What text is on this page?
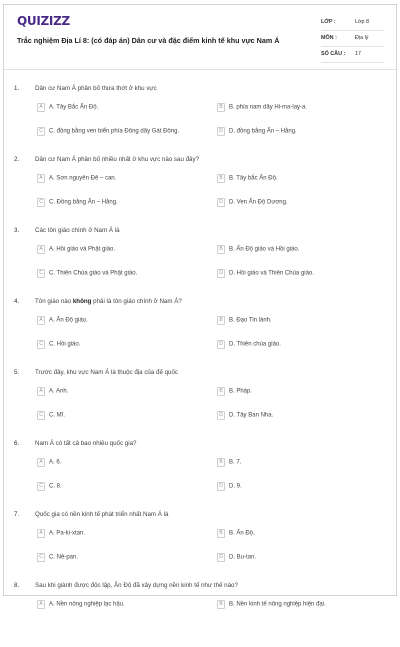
QUIZIZZ
Trắc nghiệm Địa Lí 8: (có đáp án) Dân cư và đặc điểm kinh tế khu vực Nam Á
LỚP :	Lớp 8
MÔN :	Địa lý
SỐ CÂU : 17
1.	Dân cư Nam Á phân bố thưa thớt ở khu vực
A A. Tây Bắc Ấn Độ.	B B. phía nam dãy Hi-ma-lay-a.
C C. đồng bằng ven biển phía Đông dãy Gát Đông.	D D. đồng bằng Ấn – Hằng.
2.	Dân cư Nam Á phân bố nhiều nhất ở khu vực nào sau đây?
A A. Sơn nguyên Đê – can.	B B. Tây bắc Ấn Độ.
C C. Đồng bằng Ấn – Hằng.	D D. Ven Ấn Độ Dương.
3.	Các tôn giáo chính ở Nam Á là
A A. Hồi giáo và Phật giáo.	B B. Ấn Độ giáo và Hồi giáo.
C C. Thiên Chúa giáo và Phật giáo.	D D. Hồi giáo và Thiên Chúa giáo.
4.	Tôn giáo nào không phải là tôn giáo chính ở Nam Á?
A A. Ấn Độ giáo.	B B. Đạo Tin lành.
C C. Hồi giáo.	D D. Thiên chúa giáo.
5.	Trước đây, khu vực Nam Á là thuộc địa của đế quốc
A A. Anh.	B B. Pháp.
C C. Mĩ.	D D. Tây Ban Nha.
6.	Nam Á có tất cả bao nhiêu quốc gia?
A A. 6.	B B. 7.
C C. 8.	D D. 9.
7.	Quốc gia có nền kinh tế phát triển nhất Nam Á là
A A. Pa-ki-xtan.	B B. Ấn Độ.
C C. Nê-pan.	D D. Bu-tan.
8.	Sau khi giành được độc lập, Ấn Độ đã xây dựng nền kinh tế như thế nào?
A A. Nền nông nghiệp lạc hậu.	B B. Nền kinh tế nông nghiệp hiện đại.
